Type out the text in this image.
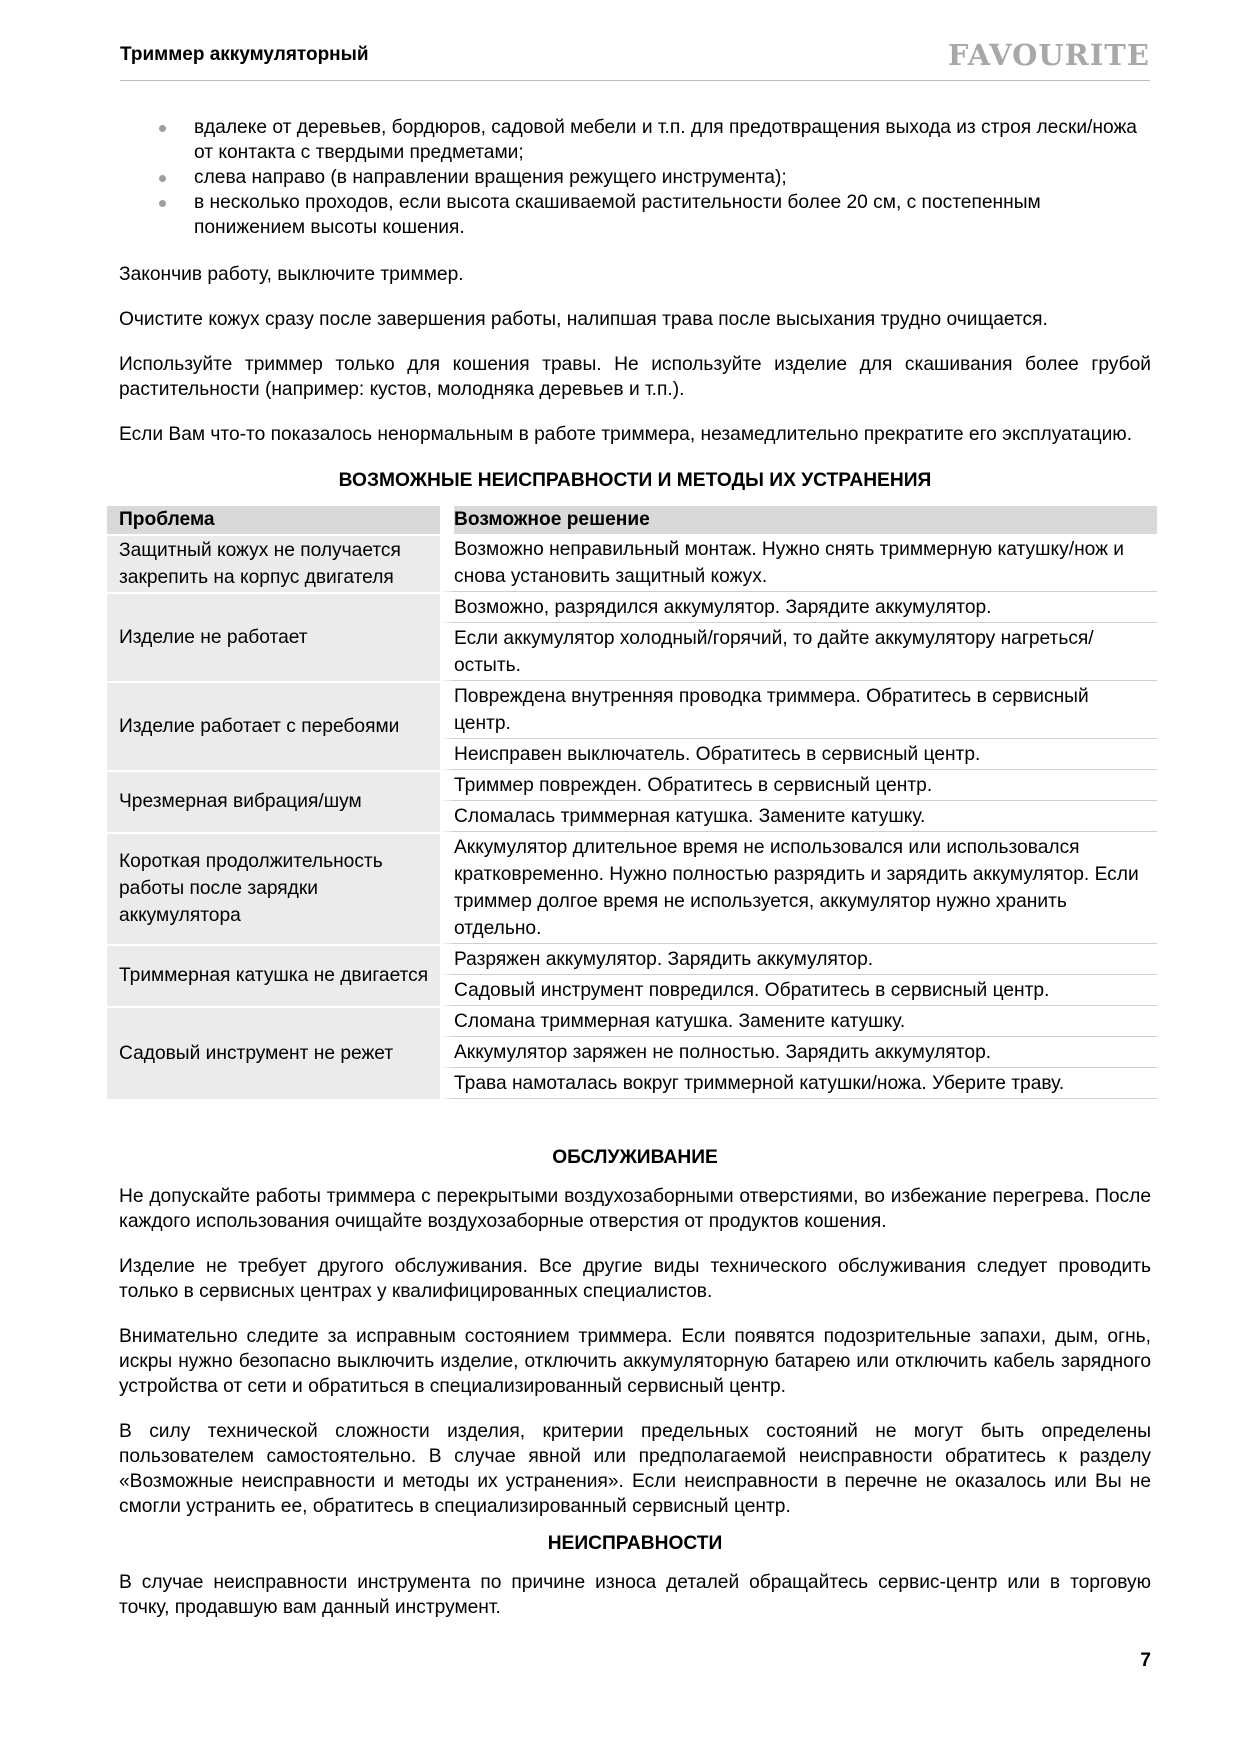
Триммер аккумуляторный	FAVOURITE
вдалеке от деревьев, бордюров, садовой мебели и т.п. для предотвращения выхода из строя лески/ножа от контакта с твердыми предметами;
слева направо (в направлении вращения режущего инструмента);
в несколько проходов, если высота скашиваемой растительности более 20 см, с постепенным понижением высоты кошения.

Закончив работу, выключите триммер.

Очистите кожух сразу после завершения работы, налипшая трава после высыхания трудно очищается.

Используйте триммер только для кошения травы. Не используйте изделие для скашивания более грубой растительности (например: кустов, молодняка деревьев и т.п.).

Если Вам что-то показалось ненормальным в работе триммера, незамедлительно прекратите его эксплуатацию.

ВОЗМОЖНЫЕ НЕИСПРАВНОСТИ И МЕТОДЫ ИХ УСТРАНЕНИЯ
Проблема	Возможное решение
Защитный кожух не получается закрепить на корпус двигателя	Возможно неправильный монтаж. Нужно снять триммерную катушку/нож и снова установить защитный кожух.
Изделие не работает	Возможно, разрядился аккумулятор. Зарядите аккумулятор.
	Если аккумулятор холодный/горячий, то дайте аккумулятору нагреться/остыть.
Изделие работает с перебоями	Повреждена внутренняя проводка триммера. Обратитесь в сервисный центр.
	Неисправен выключатель. Обратитесь в сервисный центр.
Чрезмерная вибрация/шум	Триммер поврежден. Обратитесь в сервисный центр.
	Сломалась триммерная катушка. Замените катушку.
Короткая продолжительность работы после зарядки аккумулятора	Аккумулятор длительное время не использовался или использовался кратковременно. Нужно полностью разрядить и зарядить аккумулятор. Если триммер долгое время не используется, аккумулятор нужно хранить отдельно.
Триммерная катушка не двигается	Разряжен аккумулятор. Зарядить аккумулятор.
	Садовый инструмент повредился. Обратитесь в сервисный центр.
Садовый инструмент не режет	Сломана триммерная катушка. Замените катушку.
	Аккумулятор заряжен не полностью. Зарядить аккумулятор.
	Трава намоталась вокруг триммерной катушки/ножа. Уберите траву.
ОБСЛУЖИВАНИЕ

Не допускайте работы триммера с перекрытыми воздухозаборными отверстиями, во избежание перегрева. После каждого использования очищайте воздухозаборные отверстия от продуктов кошения.

Изделие не требует другого обслуживания. Все другие виды технического обслуживания следует проводить только в сервисных центрах у квалифицированных специалистов.

Внимательно следите за исправным состоянием триммера. Если появятся подозрительные запахи, дым, огнь, искры нужно безопасно выключить изделие, отключить аккумуляторную батарею или отключить кабель зарядного устройства от сети и обратиться в специализированный сервисный центр.

В силу технической сложности изделия, критерии предельных состояний не могут быть определены пользователем самостоятельно. В случае явной или предполагаемой неисправности обратитесь к разделу «Возможные неисправности и методы их устранения». Если неисправности в перечне не оказалось или Вы не смогли устранить ее, обратитесь в специализированный сервисный центр.

НЕИСПРАВНОСТИ

В случае неисправности инструмента по причине износа деталей обращайтесь сервис-центр или в торговую точку, продавшую вам данный инструмент.

7
